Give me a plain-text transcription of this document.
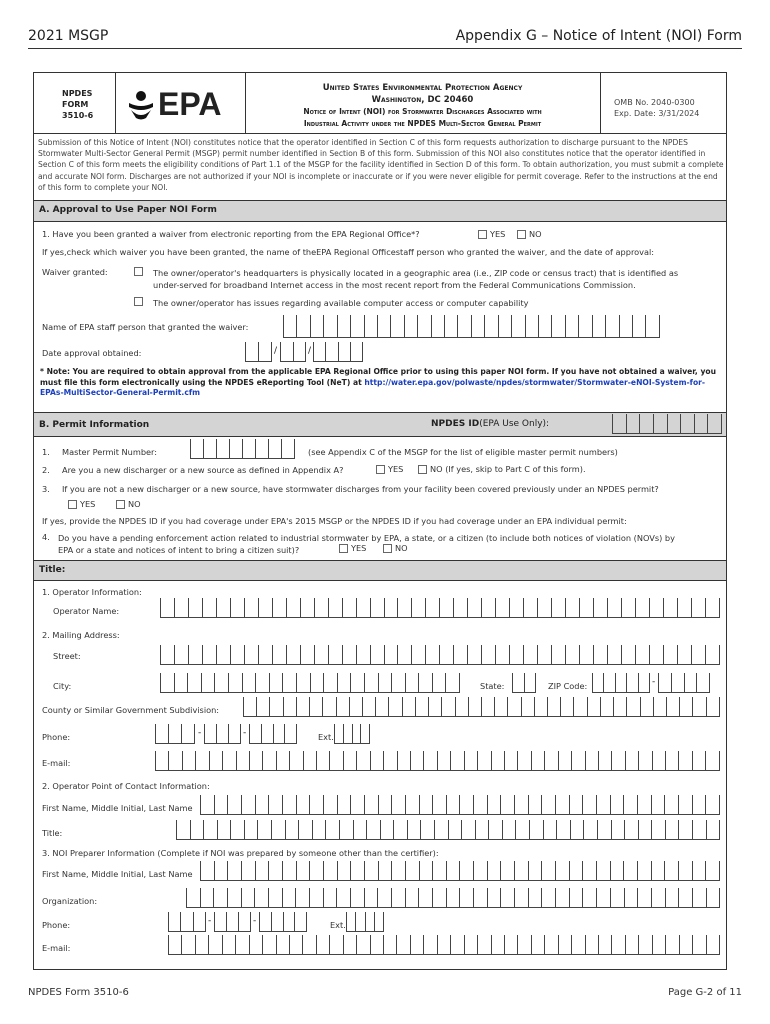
2021 MSGP	Appendix G – Notice of Intent (NOI) Form
NPDES
FORM
3510-6 EPA	United States Environmental Protection Agency
Washington, DC 20460
Notice of Intent (NOI) for Stormwater Discharges Associated with
Industrial Activity under the NPDES Multi-Sector General Permit
OMB No. 2040-0300
Exp. Date: 3/31/2024
Submission of this Notice of Intent (NOI) constitutes notice that the operator identified in Section C of this form requests authorization to discharge pursuant to the NPDES Stormwater Multi-Sector General Permit (MSGP) permit number identified in Section B of this form. Submission of this NOI also constitutes notice that the operator identified in Section C of this form meets the eligibility conditions of Part 1.1 of the MSGP for the facility identified in Section D of this form. To obtain authorization, you must submit a complete and accurate NOI form. Discharges are not authorized if your NOI is incomplete or inaccurate or if you were never eligible for permit coverage. Refer to the instructions at the end of this form to complete your NOI.
A. Approval to Use Paper NOI Form
1. Have you been granted a waiver from electronic reporting from the EPA Regional Office*?	YES	NO
If yes,check which waiver you have been granted, the name of theEPA Regional Officestaff person who granted the waiver, and the date of approval:
Waiver granted:	The owner/operator's headquarters is physically located in a geographic area (i.e., ZIP code or census tract) that is identified as
under-served for broadband Internet access in the most recent report from the Federal Communications Commission.
The owner/operator has issues regarding available computer access or computer capability
Name of EPA staff person that granted the waiver:
Date approval obtained:	/	/
* Note: You are required to obtain approval from the applicable EPA Regional Office prior to using this paper NOI form. If you have not obtained a waiver, you must file this form electronically using the NPDES eReporting Tool (NeT) at http://water.epa.gov/polwaste/npdes/stormwater/Stormwater-eNOI-System-for-EPAs-MultiSector-General-Permit.cfm
B. Permit Information	NPDES ID(EPA Use Only):
1. Master Permit Number:	(see Appendix C of the MSGP for the list of eligible master permit numbers)
2. Are you a new discharger or a new source as defined in Appendix A?	YES	NO (If yes, skip to Part C of this form).
3. If you are not a new discharger or a new source, have stormwater discharges from your facility been covered previously under an NPDES permit?
YES	NO
If yes, provide the NPDES ID if you had coverage under EPA's 2015 MSGP or the NPDES ID if you had coverage under an EPA individual permit:
4. Do you have a pending enforcement action related to industrial stormwater by EPA, a state, or a citizen (to include both notices of violation (NOVs) by
EPA or a state and notices of intent to bring a citizen suit)?	YES	NO
Title:
1. Operator Information:
Operator Name:
2. Mailing Address:
Street:
City:	State:	ZIP Code:	-
County or Similar Government Subdivision:
Phone:	-	-	Ext.
E-mail:
2. Operator Point of Contact Information:
First Name, Middle Initial, Last Name
Title:
3. NOI Preparer Information (Complete if NOI was prepared by someone other than the certifier):
First Name, Middle Initial, Last Name
Organization:
Phone:	-	-	Ext.
E-mail:
NPDES Form 3510-6	Page G-2 of 11
